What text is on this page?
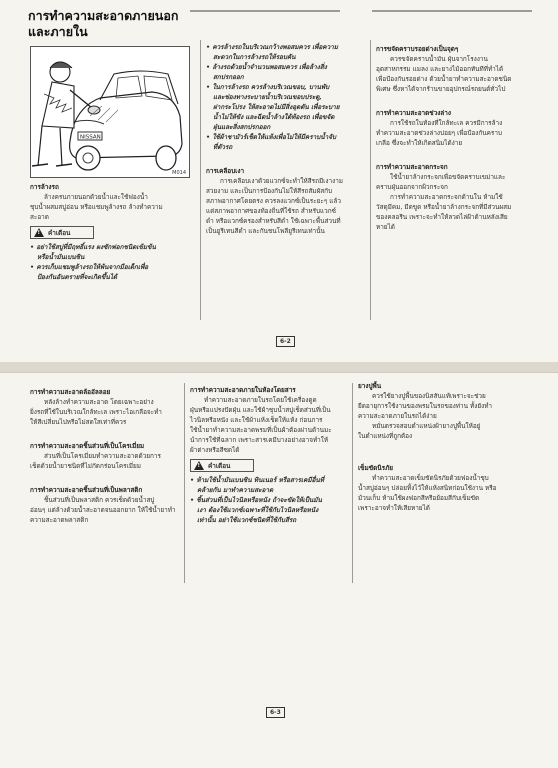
การทำความสะอาดภายนอก
และภายใน
NISSAN
M014
การล้างรถ
ล้างครบภายนอกด้วยน้ำและใช้ฟองน้ำ
ชุบน้ำผสมสบู่อ่อน หรือแชมพูล้างรถ ล้างทำความ
สะอาด
! คำเตือน
• อย่าใช้สบู่ที่มีฤทธิ์แรง ผงซักฟอกชนิดเข้มข้น
หรือน้ำมันเบนซิน
• ควรเก็บแชมพูล้างรถให้พ้นจากมือเด็กเพื่อ
ป้องกันอันตรายที่จะเกิดขึ้นได้
• ควรล้างรถในบริเวณกว้างพอสมควร เพื่อความ
สะดวกในการล้างรถให้รอบคัน
• ล้างรถด้วยน้ำจำนวนพอสมควร เพื่อล้างสิ่ง
สกปรกออก
• ในการล้างรถ ควรล้างบริเวณขอบ, บานพับ
และช่องทางระบายน้ำบริเวณขอบประตู,
ฝากระโปรง ให้สะอาดไม่มีสิ่งอุดตัน เพื่อระบาย
น้ำไม่ให้ขัง และฉีดน้ำล้างใต้ท้องรถ เพื่อขจัด
ฝุ่นและสิ่งสกปรกออก
• ใช้ผ้าชามัวร์เช็ดให้แห้งเพื่อไม่ให้มีคราบน้ำจับ
ที่ตัวรถ
การเคลือบเงา
การเคลือบเงาด้วยแวกซ์จะทำให้สีรถมีเงางาม
สวยงาม และเป็นการป้องกันไม่ให้สีรถสัมผัสกับ
สภาพอากาศโดยตรง ควรลงแวกซ์เป็นระยะๆ แล้ว
แต่สภาพอากาศของท้องถิ่นที่ใช้รถ สำหรับแวกซ์
ดำ หรือแวกซ์ครองสำหรับสีดำ ใช้เฉพาะพื้นส่วนที่
เป็นยูรีเทนสีดำ และกันชนโพลียูรีเทนเท่านั้น
การขจัดคราบรอยด่างเป็นจุดๆ
ควรขจัดคราบน้ำมัน ฝุ่นจากโรงงาน
อุตสาหกรรม แมลง และยางไม้ออกทันทีที่ทำได้
เพื่อป้องกันรอยด่าง ด้วยน้ำยาทำความสะอาดชนิด
พิเศษ ซึ่งหาได้จากร้านขายอุปกรณ์รถยนต์ทั่วไป
การทำความสะอาดช่วงล่าง
การใช้รถในท้องที่ใกล้ทะเล ควรมีการล้าง
ทำความสะอาดช่วงล่างบ่อยๆ เพื่อป้องกันคราบ
เกลือ ซึ่งจะทำให้เกิดสนิมได้ง่าย
การทำความสะอาดกระจก
ใช้น้ำยาล้างกระจกเพื่อขจัดคราบเขม่าและ
คราบฝุ่นออกจากผิวกระจก
การทำความสะอาดกระจกด้านใน ห้ามใช้
วัสดุมีคม, มีดขูด หรือน้ำยาล้างกระจกที่มีส่วนผสม
ของคลอรีน เพราะจะทำให้ลวดไล่ฝ้าด้านหลังเสีย
หายได้
6-2
การทำความสะอาดล้ออัลลอย
หลังล้างทำความสะอาด โดยเฉพาะอย่าง
ยิ่งรถที่ใช้ในบริเวณใกล้ทะเล เพราะไอเกลือจะทำ
ให้สีเปลี่ยนไปหรือไม่สดใสเท่าที่ควร
การทำความสะอาดชิ้นส่วนที่เป็นโครเมี่ยม
ส่วนที่เป็นโครเมี่ยมทำความสะอาดด้วยการ
เช็ดด้วยน้ำยาชนิดที่ไม่กัดกร่อนโครเมี่ยม
การทำความสะอาดชิ้นส่วนที่เป็นพลาสติก
ชิ้นส่วนที่เป็นพลาสติก ควรเช็ดด้วยน้ำสบู่
อ่อนๆ แต่ล้างด้วยน้ำสะอาดจนออกยาก ให้ใช้น้ำยาทำ
ความสะอาดพลาสติก
การทำความสะอาดภายในห้องโดยสาร
ทำความสะอาดภายในรถโดยใช้เครื่องดูด
ฝุ่นหรือแปรงปัดฝุ่น และใช้ผ้าชุบน้ำสบู่เช็ดส่วนที่เป็น
ไวนิลหรือหนัง และใช้ผ้าแห้งเช็ดให้แห้ง ก่อนการ
ใช้น้ำยาทำความสะอาดพรมที่เป็นผ้าต้องผ่านด้านมะ
นำการใช้ที่ฉลาก เพราะสารเคมีบางอย่างอาจทำให้
ผ้าต่างหรือสีซดได้
! คำเตือน
• ห้ามใช้น้ำมันเบนซิน ทินเนอร์ หรือสารเคมีอื่นที่
คล้ายกัน มาทำความสะอาด
• ชิ้นส่วนที่เป็นไวนิลหรือหนัง ถ้าจะขัดให้เป็นมัน
เงา ต้องใช้แวกซ์เฉพาะที่ใช้กับไวนิลหรือหนัง
เท่านั้น อย่าใช้แวกซ์ชนิดที่ใช้กับสีรถ
ยางปูพื้น
ควรใช้ยางปูพื้นของนิสสันแท้เพราะจะช่วย
ยืดอายุการใช้งานของพรมในรถของท่าน ทั้งยังทำ
ความสะอาดภายในรถได้ง่าย
หมั่นตรวจสอบตำแหน่งผ้ายางปูพื้นให้อยู่
ในตำแหน่งที่ถูกต้อง
เข็มขัดนิรภัย
ทำความสะอาดเข็มขัดนิรภัยด้วยฟองน้ำชุบ
น้ำสบู่อ่อนๆ ปล่อยทิ้งไว้ให้แห้งสนิทก่อนใช้งาน หรือ
ม้วนเก็บ ห้ามใช้ผงฟอกสีหรือย้อมสีกับเข็มขัด
เพราะอาจทำให้เสียหายได้
6-3
